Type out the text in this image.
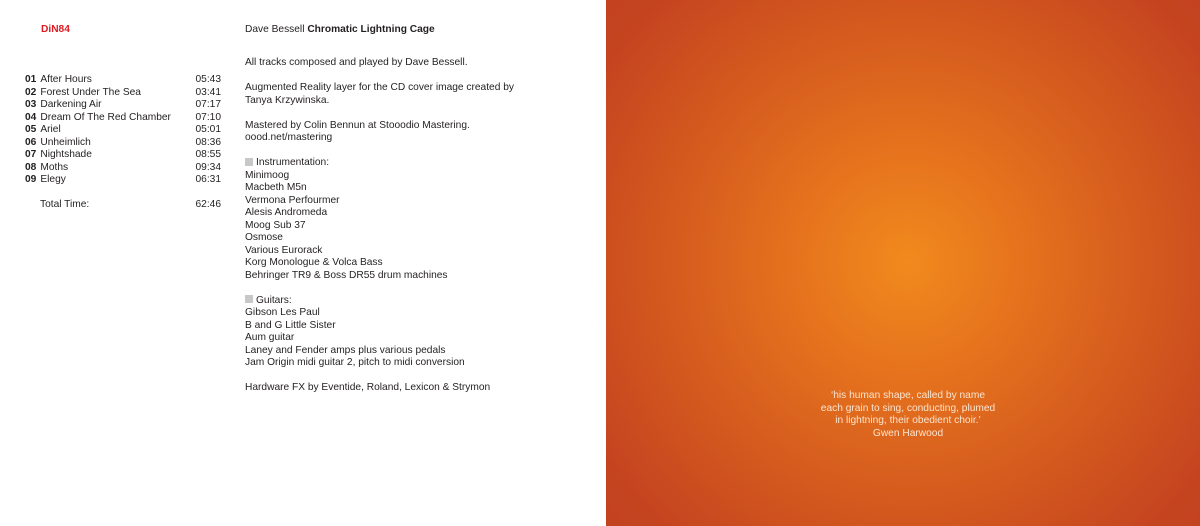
DiN84
01 After Hours	05:43
02 Forest Under The Sea	03:41
03 Darkening Air	07:17
04 Dream Of The Red Chamber 07:10
05 Ariel	05:01
06 Unheimlich	08:36
07 Nightshade	08:55
08 Moths	09:34
09 Elegy	06:31
Total Time:	62:46
Dave Bessell Chromatic Lightning Cage
All tracks composed and played by Dave Bessell.
Augmented Reality layer for the CD cover image created by
Tanya Krzywinska.
Mastered by Colin Bennun at Stooodio Mastering.
oood.net/mastering
Instrumentation:
Minimoog
Macbeth M5n
Vermona Perfourmer
Alesis Andromeda
Moog Sub 37
Osmose
Various Eurorack
Korg Monologue & Volca Bass
Behringer TR9 & Boss DR55 drum machines
Guitars:
Gibson Les Paul
B and G Little Sister
Aum guitar
Laney and Fender amps plus various pedals
Jam Origin midi guitar 2, pitch to midi conversion
Hardware FX by Eventide, Roland, Lexicon & Strymon
‘his human shape, called by name
each grain to sing, conducting, plumed
in lightning, their obedient choir.’
Gwen Harwood
